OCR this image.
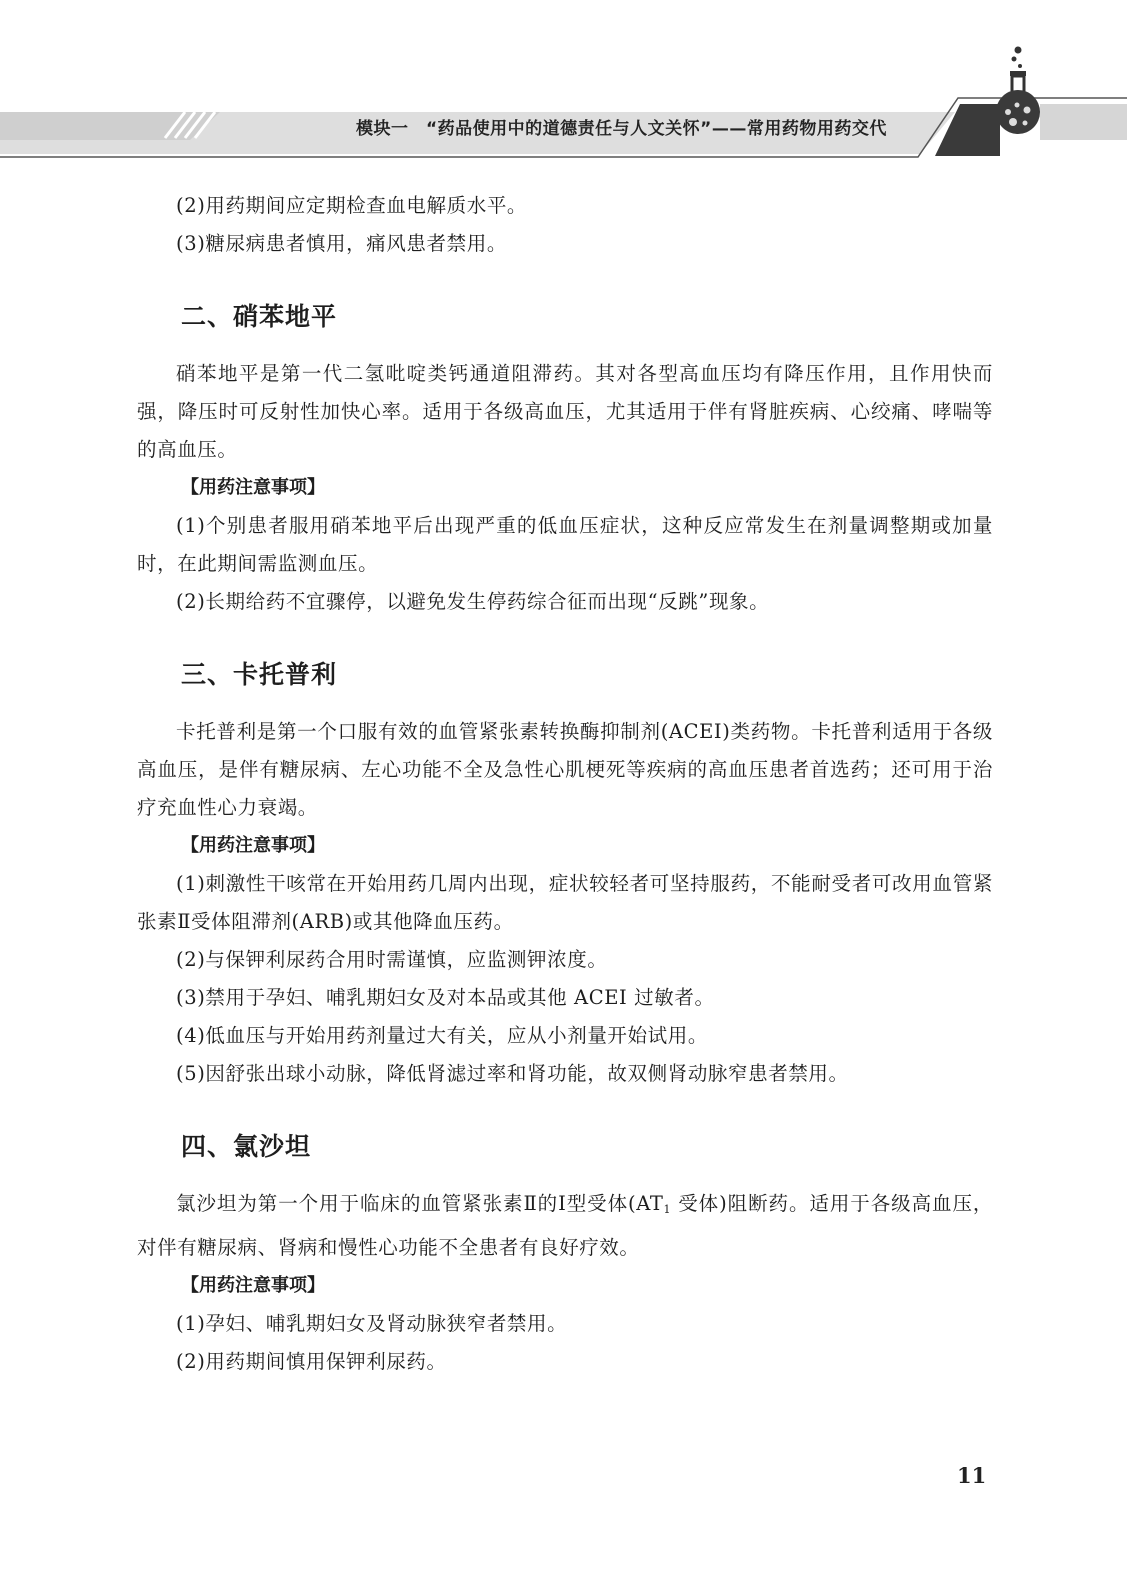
模块一　“药品使用中的道德责任与人文关怀”——常用药物用药交代

(2)用药期间应定期检查血电解质水平。

(3)糖尿病患者慎用，痛风患者禁用。

二、硝苯地平

硝苯地平是第一代二氢吡啶类钙通道阻滞药。其对各型高血压均有降压作用，且作用快而强，降压时可反射性加快心率。适用于各级高血压，尤其适用于伴有肾脏疾病、心绞痛、哮喘等的高血压。

【用药注意事项】

(1)个别患者服用硝苯地平后出现严重的低血压症状，这种反应常发生在剂量调整期或加量时，在此期间需监测血压。

(2)长期给药不宜骤停，以避免发生停药综合征而出现“反跳”现象。

三、卡托普利

卡托普利是第一个口服有效的血管紧张素转换酶抑制剂(ACEI)类药物。卡托普利适用于各级高血压，是伴有糖尿病、左心功能不全及急性心肌梗死等疾病的高血压患者首选药；还可用于治疗充血性心力衰竭。

【用药注意事项】

(1)刺激性干咳常在开始用药几周内出现，症状较轻者可坚持服药，不能耐受者可改用血管紧张素Ⅱ受体阻滞剂(ARB)或其他降血压药。

(2)与保钾利尿药合用时需谨慎，应监测钾浓度。

(3)禁用于孕妇、哺乳期妇女及对本品或其他 ACEI 过敏者。

(4)低血压与开始用药剂量过大有关，应从小剂量开始试用。

(5)因舒张出球小动脉，降低肾滤过率和肾功能，故双侧肾动脉窄患者禁用。

四、氯沙坦

氯沙坦为第一个用于临床的血管紧张素Ⅱ的Ⅰ型受体($AT_1$ 受体)阻断药。适用于各级高血压，对伴有糖尿病、肾病和慢性心功能不全患者有良好疗效。

【用药注意事项】

(1)孕妇、哺乳期妇女及肾动脉狭窄者禁用。

(2)用药期间慎用保钾利尿药。

11
